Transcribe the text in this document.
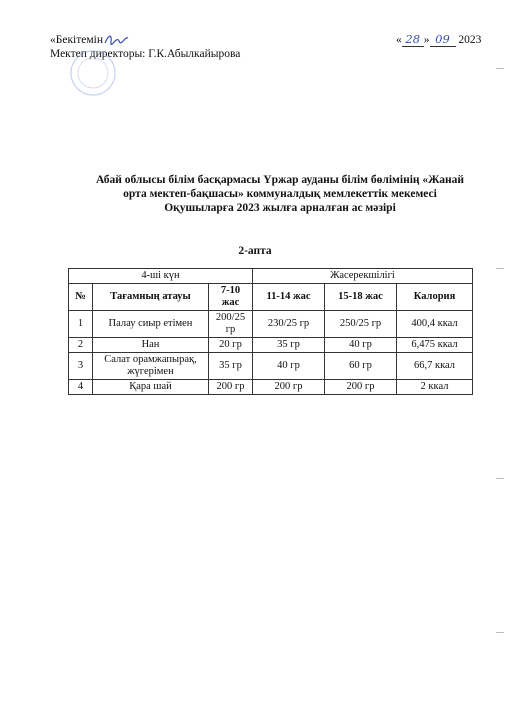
«Бекітемін
Мектеп директоры: Г.К.Абылкайырова
« 28 » 09 2023
Абай облысы білім басқармасы Үржар ауданы білім бөлімінің «Жанай
орта мектеп-бақшасы» коммуналдық мемлекеттік мекемесі
Оқушыларға 2023 жылға арналған ас мәзірі
2-апта
4-ші күн			Жасерекшілігі		
№	Тағамның атауы	7-10 жас	11-14 жас	15-18 жас	Калория
1	Палау сиыр етімен	200/25 гр	230/25 гр	250/25 гр	400,4 ккал
2	Нан	20 гр	35 гр	40 гр	6,475 ккал
3	Салат орамжапырақ, жүгерімен	35 гр	40 гр	60 гр	66,7 ккал
4	Қара шай	200 гр	200 гр	200 гр	2 ккал
